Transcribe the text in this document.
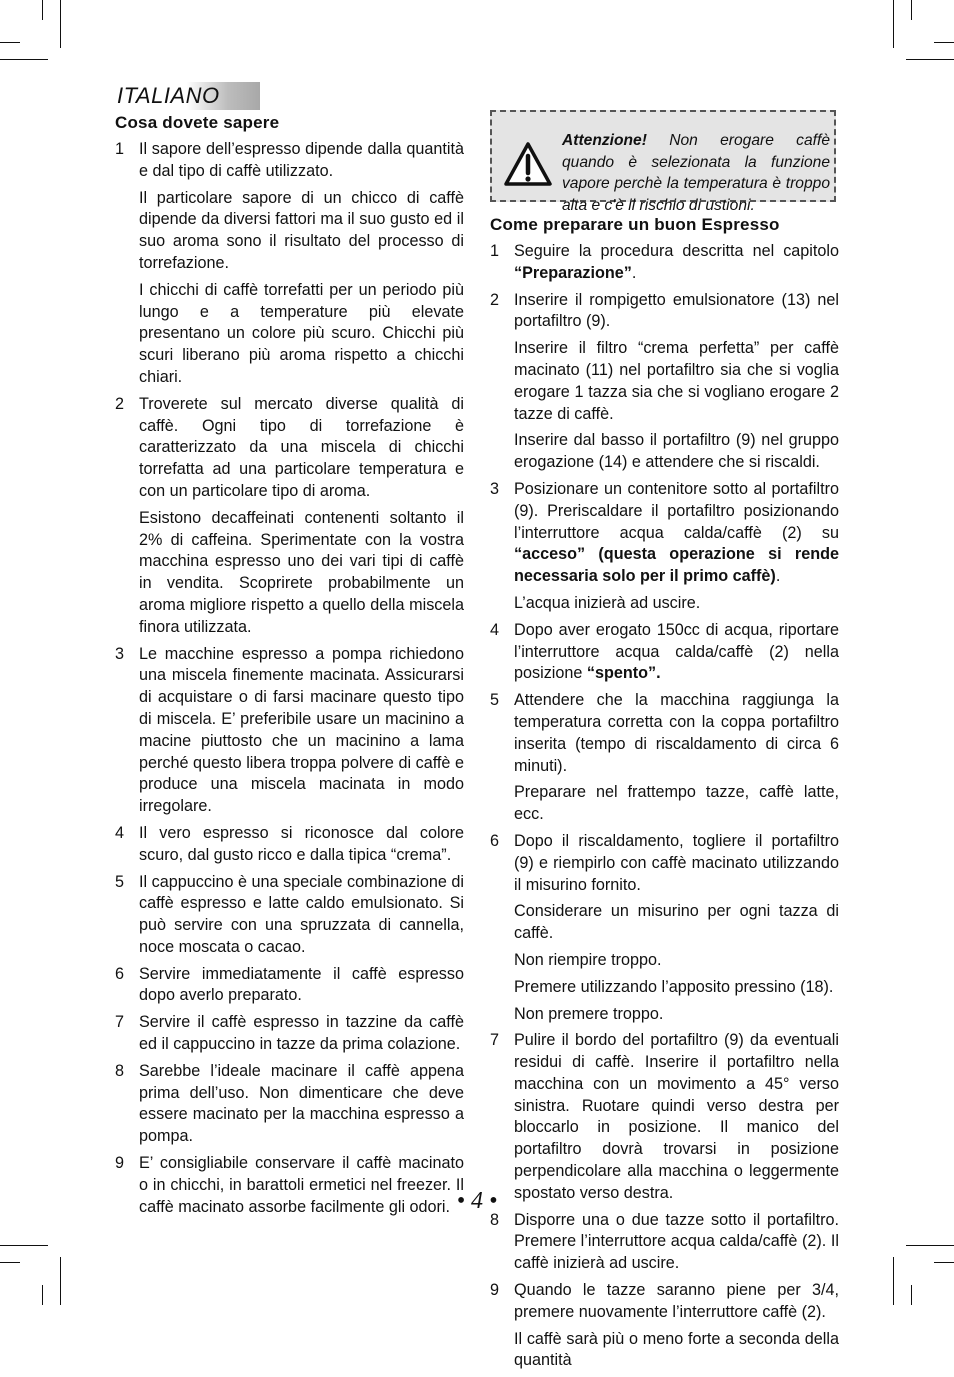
ITALIANO
Cosa dovete sapere
1 Il sapore dell’espresso dipende dalla quantità e dal tipo di caffè utilizzato.

Il particolare sapore di un chicco di caffè dipende da diversi fattori ma il suo gusto ed il suo aroma sono il risultato del processo di torrefazione.

I chicchi di caffè torrefatti per un periodo più lungo e a temperature più elevate presentano un colore più scuro. Chicchi più scuri liberano più aroma rispetto a chicchi chiari.

2 Troverete sul mercato diverse qualità di caffè. Ogni tipo di torrefazione è caratterizzato da una miscela di chicchi torrefatta ad una particolare temperatura e con un particolare tipo di aroma.

Esistono decaffeinati contenenti soltanto il 2% di caffeina. Sperimentate con la vostra macchina espresso uno dei vari tipi di caffè in vendita. Scoprirete probabilmente un aroma migliore rispetto a quello della miscela finora utilizzata.

3 Le macchine espresso a pompa richiedono una miscela finemente macinata. Assicurarsi di acquistare o di farsi macinare questo tipo di miscela. E’ preferibile usare un macinino a macine piuttosto che un macinino a lama perché questo libera troppa polvere di caffè e produce una miscela macinata in modo irregolare.

4 Il vero espresso si riconosce dal colore scuro, dal gusto ricco e dalla tipica “crema”.

5 Il cappuccino è una speciale combinazione di caffè espresso e latte caldo emulsionato. Si può servire con una spruzzata di cannella, noce moscata o cacao.

6 Servire immediatamente il caffè espresso dopo averlo preparato.

7 Servire il caffè espresso in tazzine da caffè ed il cappuccino in tazze da prima colazione.

8 Sarebbe l’ideale macinare il caffè appena prima dell’uso. Non dimenticare che deve essere macinato per la macchina espresso a pompa.

9 E’ consigliabile conservare il caffè macinato o in chicchi, in barattoli ermetici nel freezer. Il caffè macinato assorbe facilmente gli odori.

Attenzione! Non erogare caffè quando è selezionata la funzione vapore perchè la temperatura è troppo alta e c'è il rischio di ustioni.
Come preparare un buon Espresso
1 Seguire la procedura descritta nel capitolo “Preparazione”.

2 Inserire il rompigetto emulsionatore (13) nel portafiltro (9).

Inserire il filtro “crema perfetta” per caffè macinato (11) nel portafiltro sia che si voglia erogare 1 tazza sia che si vogliano erogare 2 tazze di caffè.

Inserire dal basso il portafiltro (9) nel gruppo erogazione (14) e attendere che si riscaldi.

3 Posizionare un contenitore sotto al portafiltro (9). Preriscaldare il portafiltro posizionando l’interruttore acqua calda/caffè (2) su “acceso” (questa operazione si rende necessaria solo per il primo caffè).

L’acqua inizierà ad uscire.

4 Dopo aver erogato 150cc di acqua, riportare l’interruttore acqua calda/caffè (2) nella posizione “spento”.

5 Attendere che la macchina raggiunga la temperatura corretta con la coppa portafiltro inserita (tempo di riscaldamento di circa 6 minuti).

Preparare nel frattempo tazze, caffè latte, ecc.

6 Dopo il riscaldamento, togliere il portafiltro (9) e riempirlo con caffè macinato utilizzando il misurino fornito.

Considerare un misurino per ogni tazza di caffè.

Non riempire troppo.

Premere utilizzando l’apposito pressino (18).

Non premere troppo.

7 Pulire il bordo del portafiltro (9) da eventuali residui di caffè. Inserire il portafiltro nella macchina con un movimento a 45° verso sinistra. Ruotare quindi verso destra per bloccarlo in posizione. Il manico del portafiltro dovrà trovarsi in posizione perpendicolare alla macchina o leggermente spostato verso destra.

8 Disporre una o due tazze sotto il portafiltro. Premere l’interruttore acqua calda/caffè (2). Il caffè inizierà ad uscire.

9 Quando le tazze saranno piene per 3/4, premere nuovamente l’interruttore caffè (2).

Il caffè sarà più o meno forte a seconda della quantità

• 4 •
